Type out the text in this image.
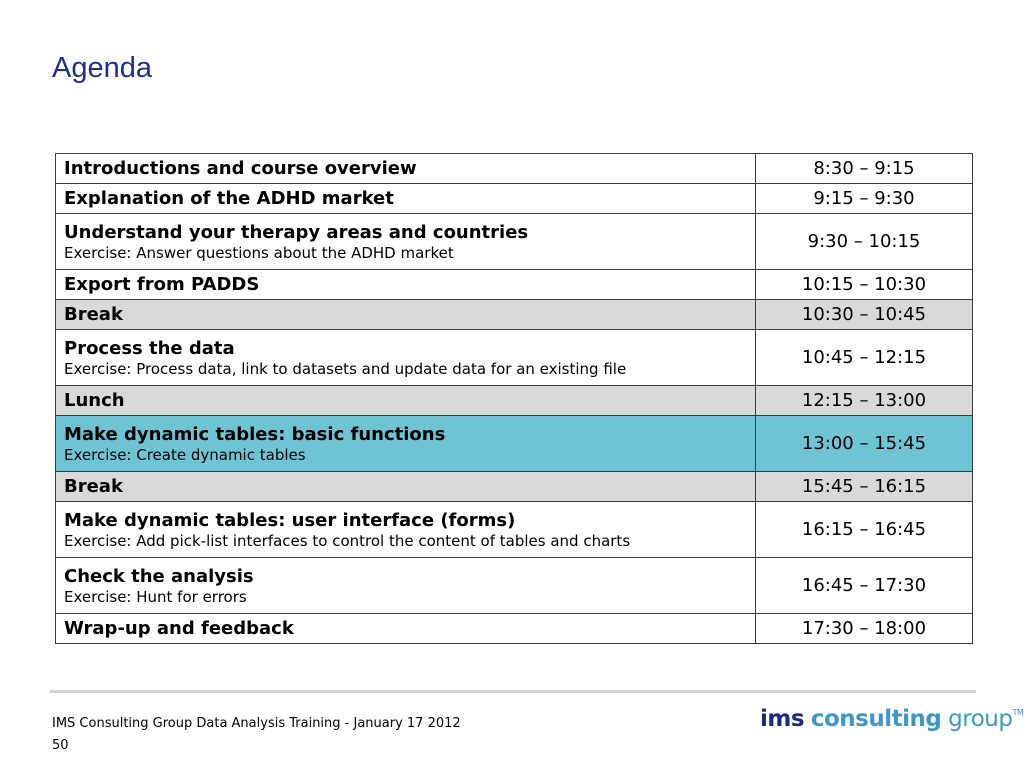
Agenda
Introductions and course overview	8:30 – 9:15

Explanation of the ADHD market	9:15 – 9:30

Understand your therapy areas and countries
Exercise: Answer questions about the ADHD market	9:30 – 10:15

Export from PADDS	10:15 – 10:30

Break	10:30 – 10:45

Process the data
Exercise: Process data, link to datasets and update data for an existing file	10:45 – 12:15

Lunch	12:15 – 13:00

Make dynamic tables: basic functions
Exercise: Create dynamic tables	13:00 – 15:45

Break	15:45 – 16:15

Make dynamic tables: user interface (forms)
Exercise: Add pick-list interfaces to control the content of tables and charts	16:15 – 16:45

Check the analysis
Exercise: Hunt for errors	16:45 – 17:30

Wrap-up and feedback	17:30 – 18:00
IMS Consulting Group Data Analysis Training - January 17 2012
50
ims consulting group™
